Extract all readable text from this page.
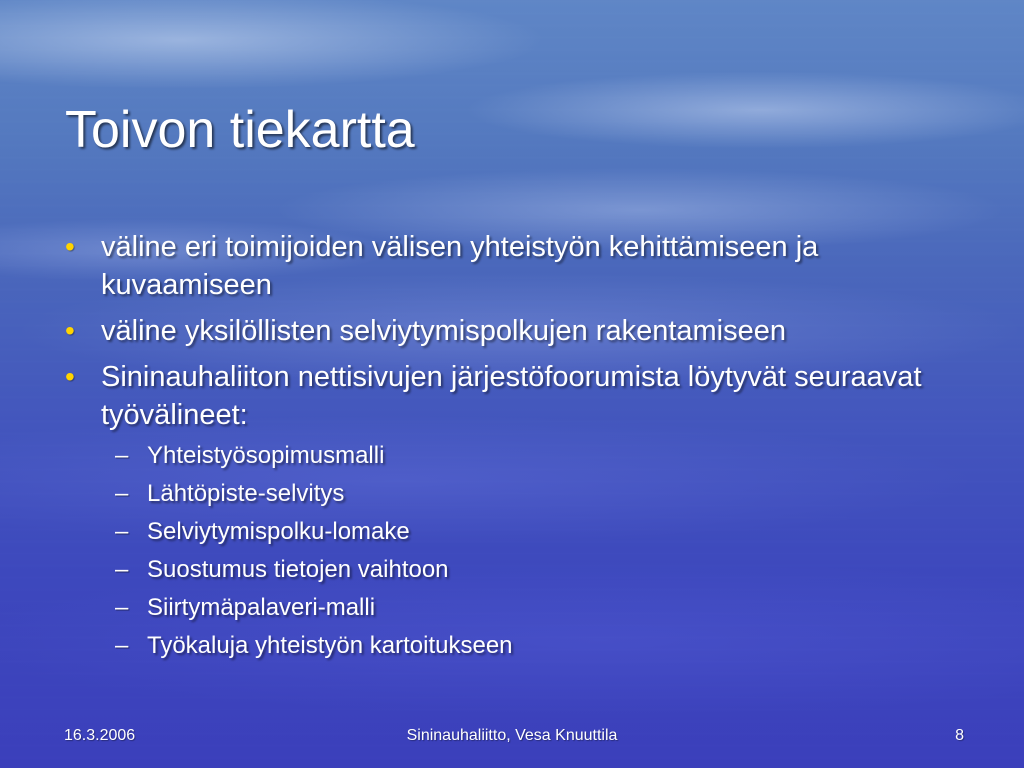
Toivon tiekartta
• väline eri toimijoiden välisen yhteistyön kehittämiseen ja kuvaamiseen
• väline yksilöllisten selviytymispolkujen rakentamiseen
• Sininauhaliiton nettisivujen järjestöfoorumista löytyvät seuraavat työvälineet:
– Yhteistyösopimusmalli
– Lähtöpiste-selvitys
– Selviytymispolku-lomake
– Suostumus tietojen vaihtoon
– Siirtymäpalaveri-malli
– Työkaluja yhteistyön kartoitukseen
16.3.2006	Sininauhaliitto, Vesa Knuuttila	8
